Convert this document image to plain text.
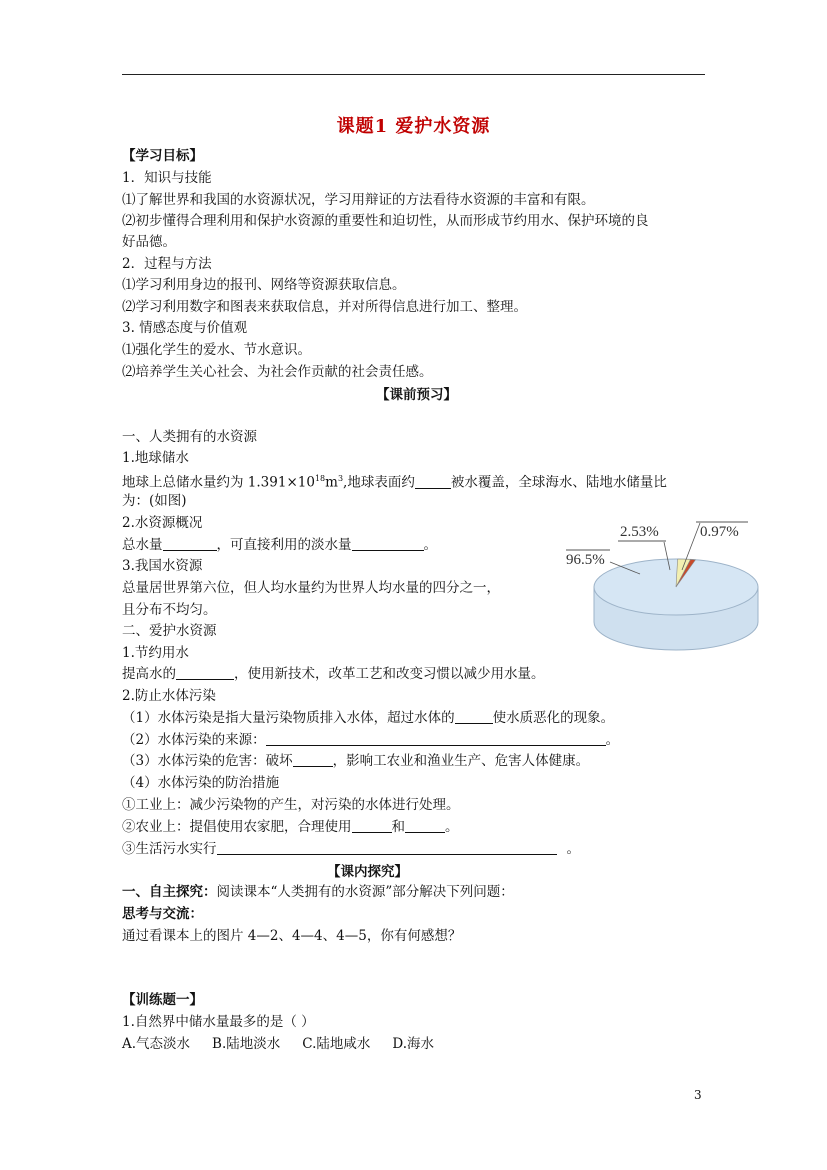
课题1 爱护水资源
【学习目标】
1．知识与技能
⑴了解世界和我国的水资源状况，学习用辩证的方法看待水资源的丰富和有限。
⑵初步懂得合理利用和保护水资源的重要性和迫切性，从而形成节约用水、保护环境的良
好品德。
2．过程与方法
⑴学习利用身边的报刊、网络等资源获取信息。
⑵学习利用数字和图表来获取信息，并对所得信息进行加工、整理。
3. 情感态度与价值观
⑴强化学生的爱水、节水意识。
⑵培养学生关心社会、为社会作贡献的社会责任感。
【课前预习】
一、人类拥有的水资源
1.地球储水
地球上总储水量约为 $1.391\times 10^{18}m^3$,地球表面约	被水覆盖，全球海水、陆地水储量比
为：(如图)
2.水资源概况
总水量	，可直接利用的淡水量	。
3.我国水资源
总量居世界第六位，但人均水量约为世界人均水量的四分之一，
且分布不均匀。
二、爱护水资源
1.节约用水
提高水的	，使用新技术，改革工艺和改变习惯以减少用水量。
2.防止水体污染
（1）水体污染是指大量污染物质排入水体，超过水体的	使水质恶化的现象。
（2）水体污染的来源：	。
（3）水体污染的危害：破坏	，影响工农业和渔业生产、危害人体健康。
（4）水体污染的防治措施
①工业上：减少污染物的产生，对污染的水体进行处理。
②农业上：提倡使用农家肥，合理使用	和	。
③生活污水实行	。
【课内探究】
一、自主探究：阅读课本“人类拥有的水资源”部分解决下列问题：
思考与交流：
通过看课本上的图片 4—2、4—4、4—5，你有何感想？
【训练题一】
1.自然界中储水量最多的是（ ）
A.气态淡水 B.陆地淡水 C.陆地咸水 D.海水
96.5%
2.53%	0.97%
3
